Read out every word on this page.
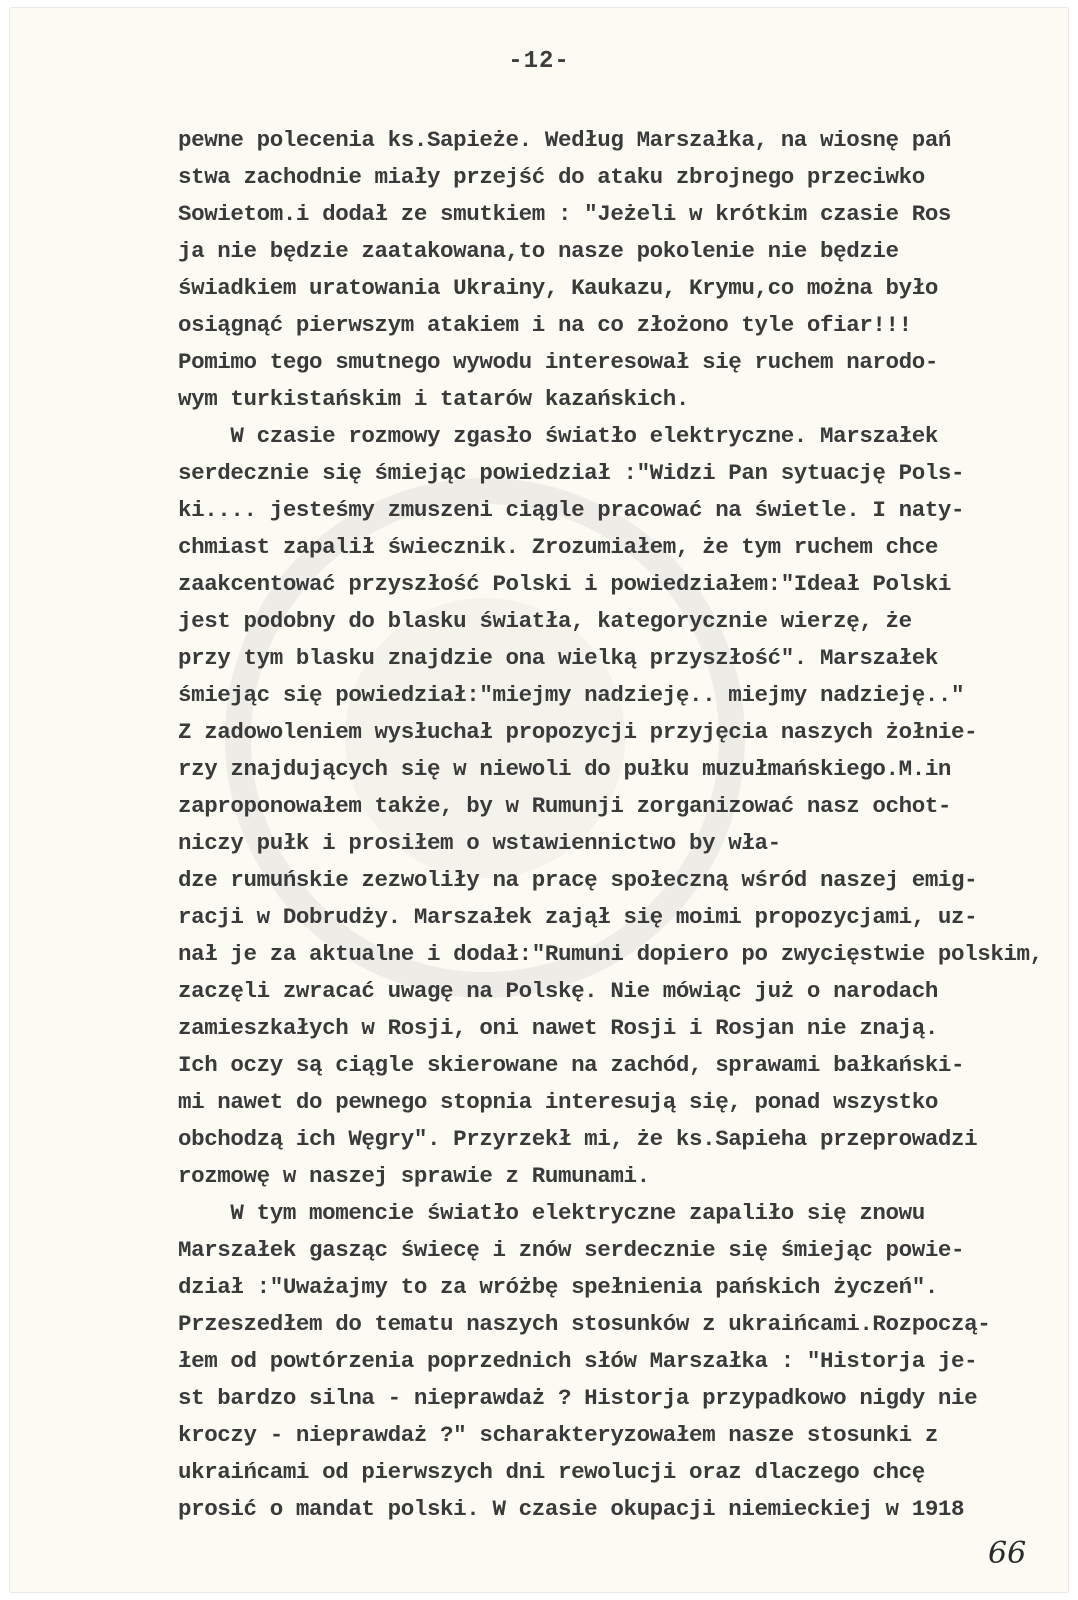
-12-
pewne polecenia ks.Sapieże. Według Marszałka, na wiosnę pań
stwa zachodnie miały przejść do ataku zbrojnego przeciwko
Sowietom.i dodał ze smutkiem : "Jeżeli w krótkim czasie Ros
ja nie będzie zaatakowana,to nasze pokolenie nie będzie
świadkiem uratowania Ukrainy, Kaukazu, Krymu,co można było
osiągnąć pierwszym atakiem i na co złożono tyle ofiar!!!
Pomimo tego smutnego wywodu interesował się ruchem narodo-
wym turkistańskim i tatarów kazańskich.
W czasie rozmowy zgasło światło elektryczne. Marszałek
serdecznie się śmiejąc powiedział :"Widzi Pan sytuację Pols-
ki.... jesteśmy zmuszeni ciągle pracować na świetle. I naty-
chmiast zapalił świecznik. Zrozumiałem, że tym ruchem chce
zaakcentować przyszłość Polski i powiedziałem:"Ideał Polski
jest podobny do blasku światła, kategorycznie wierzę, że
przy tym blasku znajdzie ona wielką przyszłość". Marszałek
śmiejąc się powiedział:"miejmy nadzieję.. miejmy nadzieję.."
Z zadowoleniem wysłuchał propozycji przyjęcia naszych żołnie-
rzy znajdujących się w niewoli do pułku muzułmańskiego.M.in
zaproponowałem także, by w Rumunji zorganizować nasz ochot-
niczy pułk i prosiłem o wstawiennictwo by wła-
dze rumuńskie zezwoliły na pracę społeczną wśród naszej emig-
racji w Dobrudży. Marszałek zajął się moimi propozycjami, uz-
nał je za aktualne i dodał:"Rumuni dopiero po zwycięstwie polskim,
zaczęli zwracać uwagę na Polskę. Nie mówiąc już o narodach
zamieszkałych w Rosji, oni nawet Rosji i Rosjan nie znają.
Ich oczy są ciągle skierowane na zachód, sprawami bałkański-
mi nawet do pewnego stopnia interesują się, ponad wszystko
obchodzą ich Węgry". Przyrzekł mi, że ks.Sapieha przeprowadzi
rozmowę w naszej sprawie z Rumunami.
W tym momencie światło elektryczne zapaliło się znowu
Marszałek gasząc świecę i znów serdecznie się śmiejąc powie-
dział :"Uważajmy to za wróżbę spełnienia pańskich życzeń".
Przeszedłem do tematu naszych stosunków z ukraińcami.Rozpoczą-
łem od powtórzenia poprzednich słów Marszałka : "Historja je-
st bardzo silna - nieprawdaż ? Historja przypadkowo nigdy nie
kroczy - nieprawdaż ?" scharakteryzowałem nasze stosunki z
ukraińcami od pierwszych dni rewolucji oraz dlaczego chcę
prosić o mandat polski. W czasie okupacji niemieckiej w 1918
66
